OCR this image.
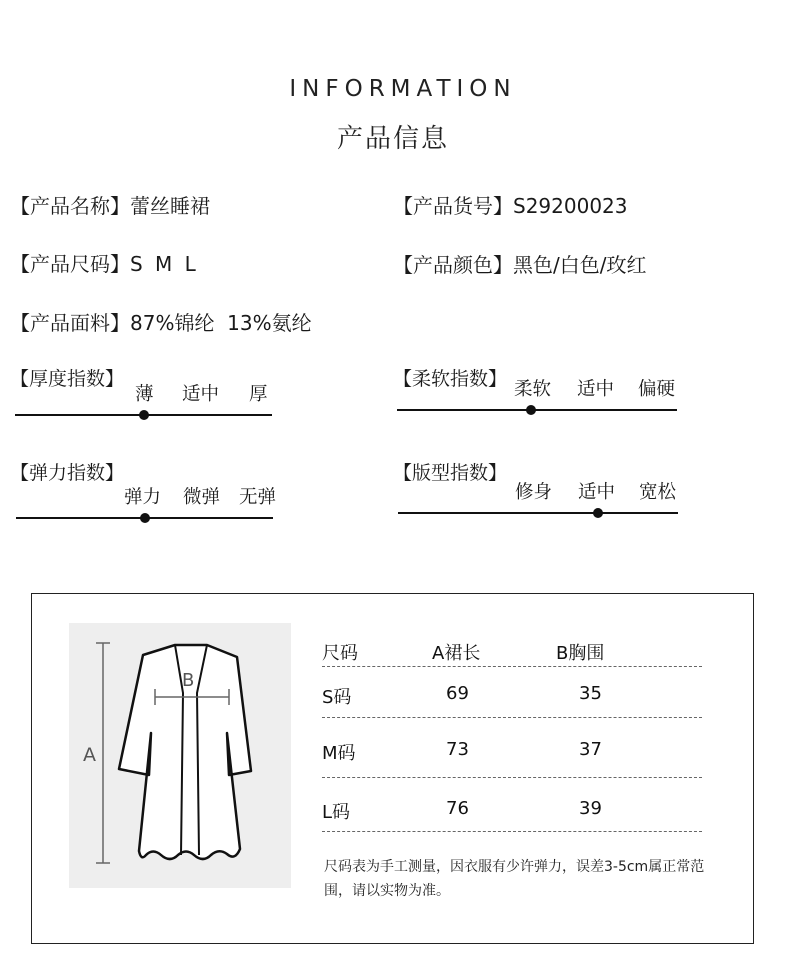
INFORMATION
产品信息
【产品名称】蕾丝睡裙	【产品货号】S29200023
【产品尺码】S M L	【产品颜色】黑色/白色/玫红
【产品面料】87%锦纶  13%氨纶
【厚度指数】
薄 适中 厚
【柔软指数】 柔软 适中 偏硬
【弹力指数】
弹力 微弹 无弹
【版型指数】
修身 适中 宽松
A
B
尺码	A裙长	B胸围
S码	69	35
M码	73	37
L码	76	39
尺码表为手工测量，因衣服有少许弹力，误差3-5cm属正常范围，请以实物为准。
